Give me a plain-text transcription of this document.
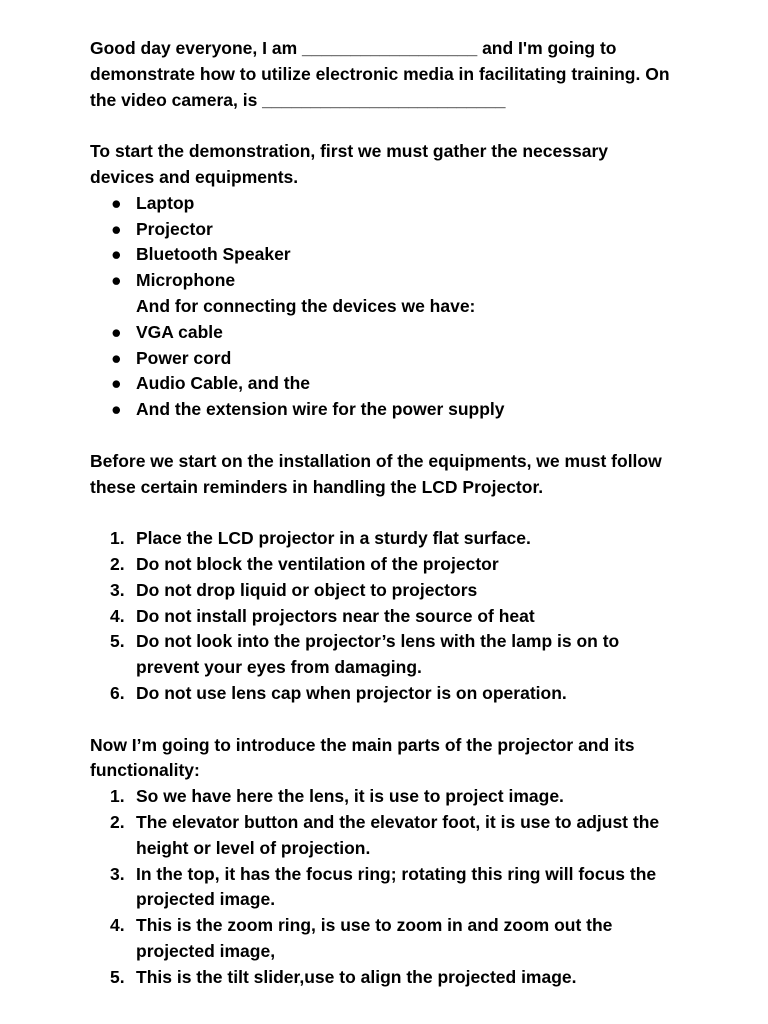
Good day everyone, I am __________________ and I'm going to
demonstrate how to utilize electronic media in facilitating training. On
the video camera, is _________________________
To start the demonstration, first we must gather the necessary
devices and equipments.
● Laptop
● Projector
● Bluetooth Speaker
● Microphone
And for connecting the devices we have:
● VGA cable
● Power cord
● Audio Cable, and the
● And the extension wire for the power supply
Before we start on the installation of the equipments, we must follow
these certain reminders in handling the LCD Projector.
1. Place the LCD projector in a sturdy flat surface.
2. Do not block the ventilation of the projector
3. Do not drop liquid or object to projectors
4. Do not install projectors near the source of heat
5. Do not look into the projector’s lens with the lamp is on to
prevent your eyes from damaging.
6. Do not use lens cap when projector is on operation.
Now I’m going to introduce the main parts of the projector and its
functionality:
1. So we have here the lens, it is use to project image.
2. The elevator button and the elevator foot, it is use to adjust the
height or level of projection.
3. In the top, it has the focus ring; rotating this ring will focus the
projected image.
4. This is the zoom ring, is use to zoom in and zoom out the
projected image,
5. This is the tilt slider,use to align the projected image.
